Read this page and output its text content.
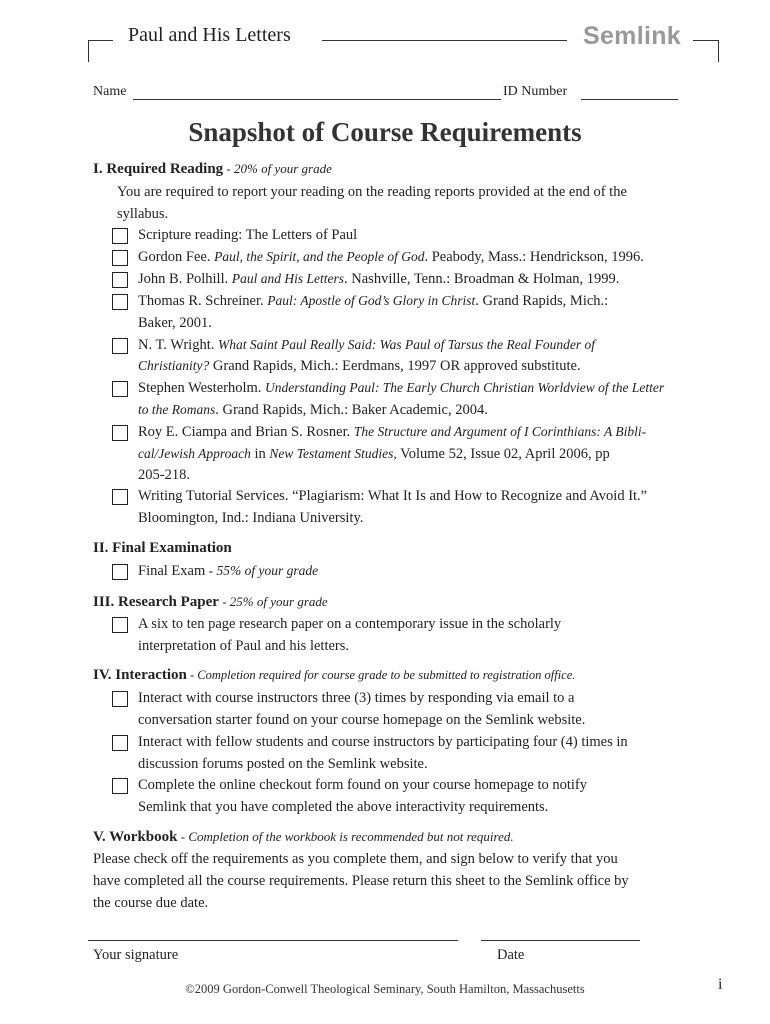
Paul and His Letters	Semlink
Name	ID Number
Snapshot of Course Requirements
I. Required Reading - 20% of your grade
You are required to report your reading on the reading reports provided at the end of the
syllabus.
Scripture reading: The Letters of Paul
Gordon Fee. Paul, the Spirit, and the People of God. Peabody, Mass.: Hendrickson, 1996.
John B. Polhill. Paul and His Letters. Nashville, Tenn.: Broadman & Holman, 1999.
Thomas R. Schreiner. Paul: Apostle of God’s Glory in Christ. Grand Rapids, Mich.:
Baker, 2001.
N. T. Wright. What Saint Paul Really Said: Was Paul of Tarsus the Real Founder of
Christianity? Grand Rapids, Mich.: Eerdmans, 1997 OR approved substitute.
Stephen Westerholm. Understanding Paul: The Early Church Christian Worldview of the Letter
to the Romans. Grand Rapids, Mich.: Baker Academic, 2004.
Roy E. Ciampa and Brian S. Rosner. The Structure and Argument of I Corinthians: A Bibli-
cal/Jewish Approach in New Testament Studies, Volume 52, Issue 02, April 2006, pp
205-218.
Writing Tutorial Services. “Plagiarism: What It Is and How to Recognize and Avoid It.”
Bloomington, Ind.: Indiana University.
II. Final Examination
Final Exam - 55% of your grade
III. Research Paper - 25% of your grade
A six to ten page research paper on a contemporary issue in the scholarly
interpretation of Paul and his letters.
IV. Interaction - Completion required for course grade to be submitted to registration office.
Interact with course instructors three (3) times by responding via email to a
conversation starter found on your course homepage on the Semlink website.
Interact with fellow students and course instructors by participating four (4) times in
discussion forums posted on the Semlink website.
Complete the online checkout form found on your course homepage to notify
Semlink that you have completed the above interactivity requirements.
V. Workbook - Completion of the workbook is recommended but not required.
Please check off the requirements as you complete them, and sign below to verify that you
have completed all the course requirements. Please return this sheet to the Semlink office by
the course due date.
Your signature	Date
©2009 Gordon-Conwell Theological Seminary, South Hamilton, Massachusetts	i
